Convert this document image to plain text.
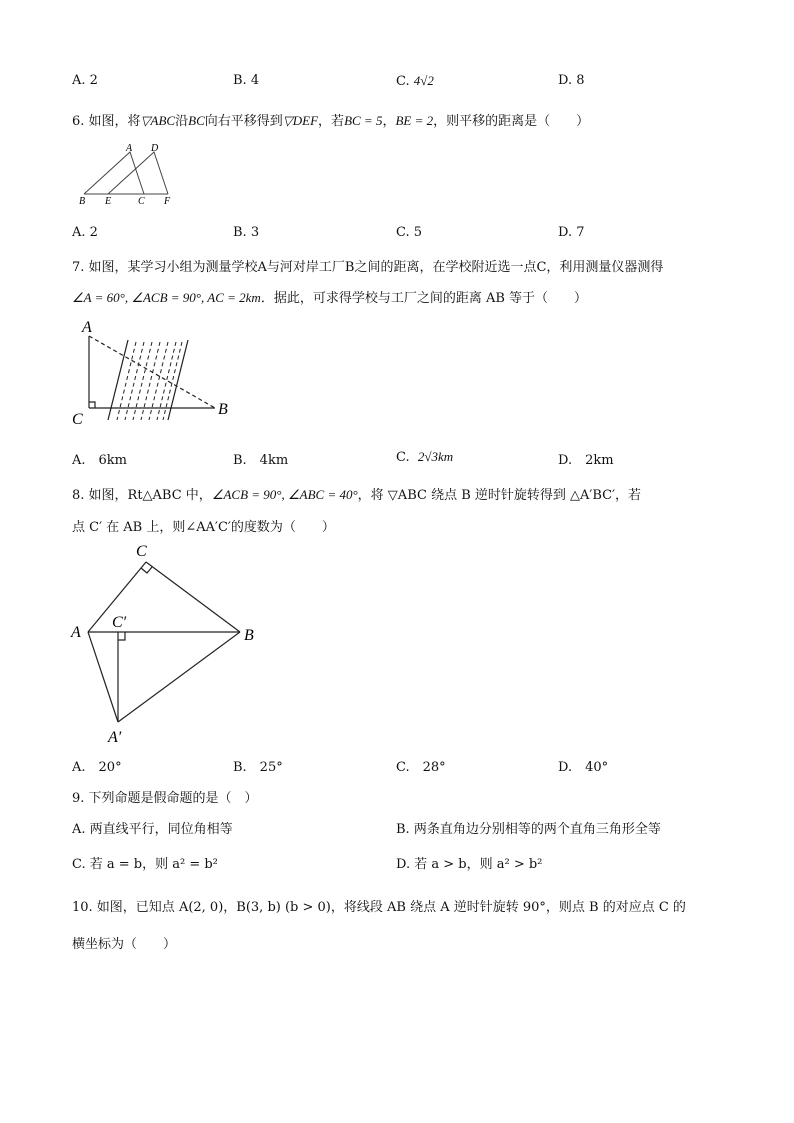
A. 2	B. 4	C. 4√2	D. 8
6. 如图，将▽ABC沿BC向右平移得到▽DEF，若BC = 5，BE = 2，则平移的距离是（　　）
A D
B E	C F
A. 2	B. 3	C. 5	D. 7
7. 如图，某学习小组为测量学校A与河对岸工厂B之间的距离，在学校附近选一点C，利用测量仪器测得
∠A = 60°, ∠ACB = 90°, AC = 2km．据此，可求得学校与工厂之间的距离 AB 等于（　　）
A
B
C
A.　6km	B.　4km	C. 2√3km	D.　2km
8. 如图，Rt△ABC 中，∠ACB = 90°, ∠ABC = 40°，将 ▽ABC 绕点 B 逆时针旋转得到 △A′BC′，若
点 C′ 在 AB 上，则∠AA′C′的度数为（　　）
C
A	B
C′
A′
A.　20°	B.　25°	C.　28°	D.　40°
9. 下列命题是假命题的是（　）
A. 两直线平行，同位角相等	B. 两条直角边分别相等的两个直角三角形全等
C. 若 a = b，则 a² = b²	D. 若 a > b，则 a² > b²
10. 如图，已知点 A(2, 0)，B(3, b) (b > 0)，将线段 AB 绕点 A 逆时针旋转 90°，则点 B 的对应点 C 的
横坐标为（　　）
